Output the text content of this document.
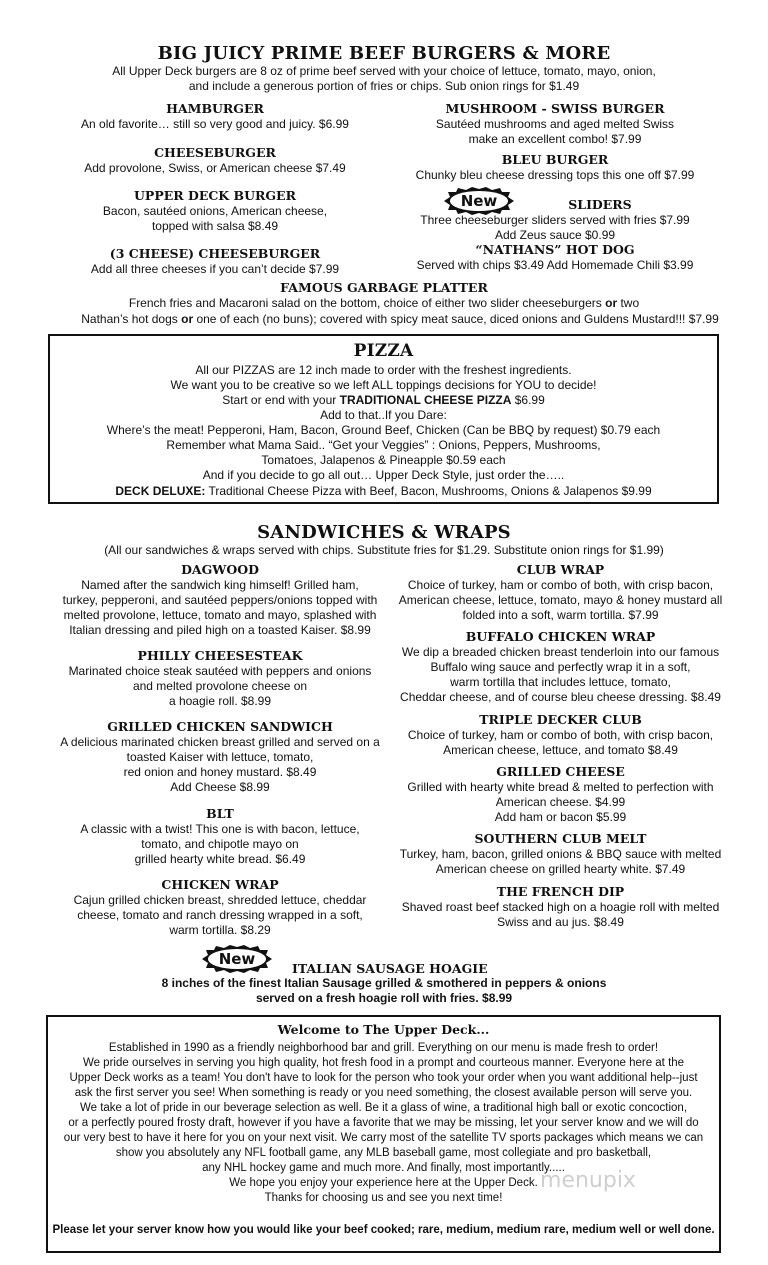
BIG JUICY PRIME BEEF BURGERS & MORE
All Upper Deck burgers are 8 oz of prime beef served with your choice of lettuce, tomato, mayo, onion,
and include a generous portion of fries or chips. Sub onion rings for $1.49
HAMBURGER
An old favorite… still so very good and juicy. $6.99
CHEESEBURGER
Add provolone, Swiss, or American cheese $7.49
UPPER DECK BURGER
Bacon, sautéed onions, American cheese,
topped with salsa $8.49
(3 CHEESE) CHEESEBURGER
Add all three cheeses if you can’t decide $7.99
MUSHROOM - SWISS BURGER
Sautéed mushrooms and aged melted Swiss
make an excellent combo! $7.99
BLEU BURGER
Chunky bleu cheese dressing tops this one off $7.99
New	SLIDERS
Three cheeseburger sliders served with fries $7.99
Add Zeus sauce $0.99
“NATHANS” HOT DOG
Served with chips $3.49 Add Homemade Chili $3.99
FAMOUS GARBAGE PLATTER
French fries and Macaroni salad on the bottom, choice of either two slider cheeseburgers or two
Nathan’s hot dogs or one of each (no buns); covered with spicy meat sauce, diced onions and Guldens Mustard!!! $7.99
PIZZA
All our PIZZAS are 12 inch made to order with the freshest ingredients.
We want you to be creative so we left ALL toppings decisions for YOU to decide!
Start or end with your TRADITIONAL CHEESE PIZZA $6.99
Add to that..If you Dare:
Where’s the meat! Pepperoni, Ham, Bacon, Ground Beef, Chicken (Can be BBQ by request) $0.79 each
Remember what Mama Said.. “Get your Veggies” : Onions, Peppers, Mushrooms,
Tomatoes, Jalapenos & Pineapple $0.59 each
And if you decide to go all out… Upper Deck Style, just order the…..
DECK DELUXE: Traditional Cheese Pizza with Beef, Bacon, Mushrooms, Onions & Jalapenos $9.99
SANDWICHES & WRAPS
(All our sandwiches & wraps served with chips. Substitute fries for $1.29. Substitute onion rings for $1.99)
DAGWOOD
Named after the sandwich king himself! Grilled ham,
turkey, pepperoni, and sautéed peppers/onions topped with
melted provolone, lettuce, tomato and mayo, splashed with
Italian dressing and piled high on a toasted Kaiser. $8.99
PHILLY CHEESESTEAK
Marinated choice steak sautéed with peppers and onions
and melted provolone cheese on
a hoagie roll. $8.99
GRILLED CHICKEN SANDWICH
A delicious marinated chicken breast grilled and served on a
toasted Kaiser with lettuce, tomato,
red onion and honey mustard. $8.49
Add Cheese $8.99
BLT
A classic with a twist! This one is with bacon, lettuce,
tomato, and chipotle mayo on
grilled hearty white bread. $6.49
CHICKEN WRAP
Cajun grilled chicken breast, shredded lettuce, cheddar
cheese, tomato and ranch dressing wrapped in a soft,
warm tortilla. $8.29
CLUB WRAP
Choice of turkey, ham or combo of both, with crisp bacon,
American cheese, lettuce, tomato, mayo & honey mustard all
folded into a soft, warm tortilla. $7.99
BUFFALO CHICKEN WRAP
We dip a breaded chicken breast tenderloin into our famous
Buffalo wing sauce and perfectly wrap it in a soft,
warm tortilla that includes lettuce, tomato,
Cheddar cheese, and of course bleu cheese dressing. $8.49
TRIPLE DECKER CLUB
Choice of turkey, ham or combo of both, with crisp bacon,
American cheese, lettuce, and tomato $8.49
GRILLED CHEESE
Grilled with hearty white bread & melted to perfection with
American cheese. $4.99
Add ham or bacon $5.99
SOUTHERN CLUB MELT
Turkey, ham, bacon, grilled onions & BBQ sauce with melted
American cheese on grilled hearty white. $7.49
THE FRENCH DIP
Shaved roast beef stacked high on a hoagie roll with melted
Swiss and au jus. $8.49
New
ITALIAN SAUSAGE HOAGIE
8 inches of the finest Italian Sausage grilled & smothered in peppers & onions
served on a fresh hoagie roll with fries. $8.99
Welcome to The Upper Deck...
Established in 1990 as a friendly neighborhood bar and grill. Everything on our menu is made fresh to order!
We pride ourselves in serving you high quality, hot fresh food in a prompt and courteous manner. Everyone here at the
Upper Deck works as a team! You don't have to look for the person who took your order when you want additional help--just
ask the first server you see! When something is ready or you need something, the closest available person will serve you.
We take a lot of pride in our beverage selection as well. Be it a glass of wine, a traditional high ball or exotic concoction,
or a perfectly poured frosty draft, however if you have a favorite that we may be missing, let your server know and we will do
our very best to have it here for you on your next visit. We carry most of the satellite TV sports packages which means we can
show you absolutely any NFL football game, any MLB baseball game, most collegiate and pro basketball,
any NHL hockey game and much more. And finally, most importantly.....
We hope you enjoy your experience here at the Upper Deck.
Thanks for choosing us and see you next time!
Please let your server know how you would like your beef cooked; rare, medium, medium rare, medium well or well done.
menupix
